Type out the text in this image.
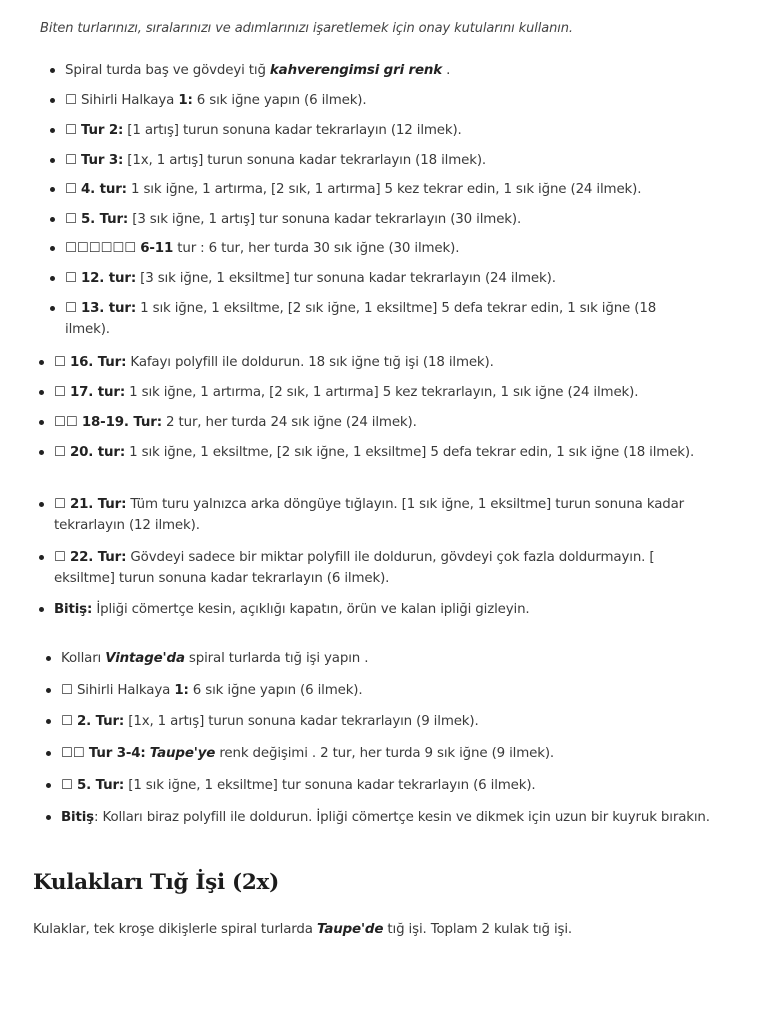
Biten turlarınızı, sıralarınızı ve adımlarınızı işaretlemek için onay kutularını kullanın.

Spiral turda baş ve gövdeyi tığ kahverengimsi gri renk .
☐ Sihirli Halkaya 1: 6 sık iğne yapın (6 ilmek).
☐ Tur 2: [1 artış] turun sonuna kadar tekrarlayın (12 ilmek).
☐ Tur 3: [1x, 1 artış] turun sonuna kadar tekrarlayın (18 ilmek).
☐ 4. tur: 1 sık iğne, 1 artırma, [2 sık, 1 artırma] 5 kez tekrar edin, 1 sık iğne (24 ilmek).
☐ 5. Tur: [3 sık iğne, 1 artış] tur sonuna kadar tekrarlayın (30 ilmek).
☐☐☐☐☐☐ 6-11 tur : 6 tur, her turda 30 sık iğne (30 ilmek).
☐ 12. tur: [3 sık iğne, 1 eksiltme] tur sonuna kadar tekrarlayın (24 ilmek).
☐ 13. tur: 1 sık iğne, 1 eksiltme, [2 sık iğne, 1 eksiltme] 5 defa tekrar edin, 1 sık iğne (18 ilmek).
☐ 16. Tur: Kafayı polyfill ile doldurun. 18 sık iğne tığ işi (18 ilmek).
☐ 17. tur: 1 sık iğne, 1 artırma, [2 sık, 1 artırma] 5 kez tekrarlayın, 1 sık iğne (24 ilmek).
☐☐ 18-19. Tur: 2 tur, her turda 24 sık iğne (24 ilmek).
☐ 20. tur: 1 sık iğne, 1 eksiltme, [2 sık iğne, 1 eksiltme] 5 defa tekrar edin, 1 sık iğne (18 ilmek).
☐ 21. Tur: Tüm turu yalnızca arka döngüye tığlayın. [1 sık iğne, 1 eksiltme] turun sonuna kadar tekrarlayın (12 ilmek).
☐ 22. Tur: Gövdeyi sadece bir miktar polyfill ile doldurun, gövdeyi çok fazla doldurmayın. [ eksiltme] turun sonuna kadar tekrarlayın (6 ilmek).
Bitiş: İpliği cömertçe kesin, açıklığı kapatın, örün ve kalan ipliği gizleyin.
Kolları Vintage'da spiral turlarda tığ işi yapın .
☐ Sihirli Halkaya 1: 6 sık iğne yapın (6 ilmek).
☐ 2. Tur: [1x, 1 artış] turun sonuna kadar tekrarlayın (9 ilmek).
☐☐ Tur 3-4: Taupe'ye renk değişimi . 2 tur, her turda 9 sık iğne (9 ilmek).
☐ 5. Tur: [1 sık iğne, 1 eksiltme] tur sonuna kadar tekrarlayın (6 ilmek).
Bitiş: Kolları biraz polyfill ile doldurun. İpliği cömertçe kesin ve dikmek için uzun bir kuyruk bırakın.
Kulakları Tığ İşi (2x)

Kulaklar, tek kroşe dikişlerle spiral turlarda Taupe'de tığ işi. Toplam 2 kulak tığ işi.
